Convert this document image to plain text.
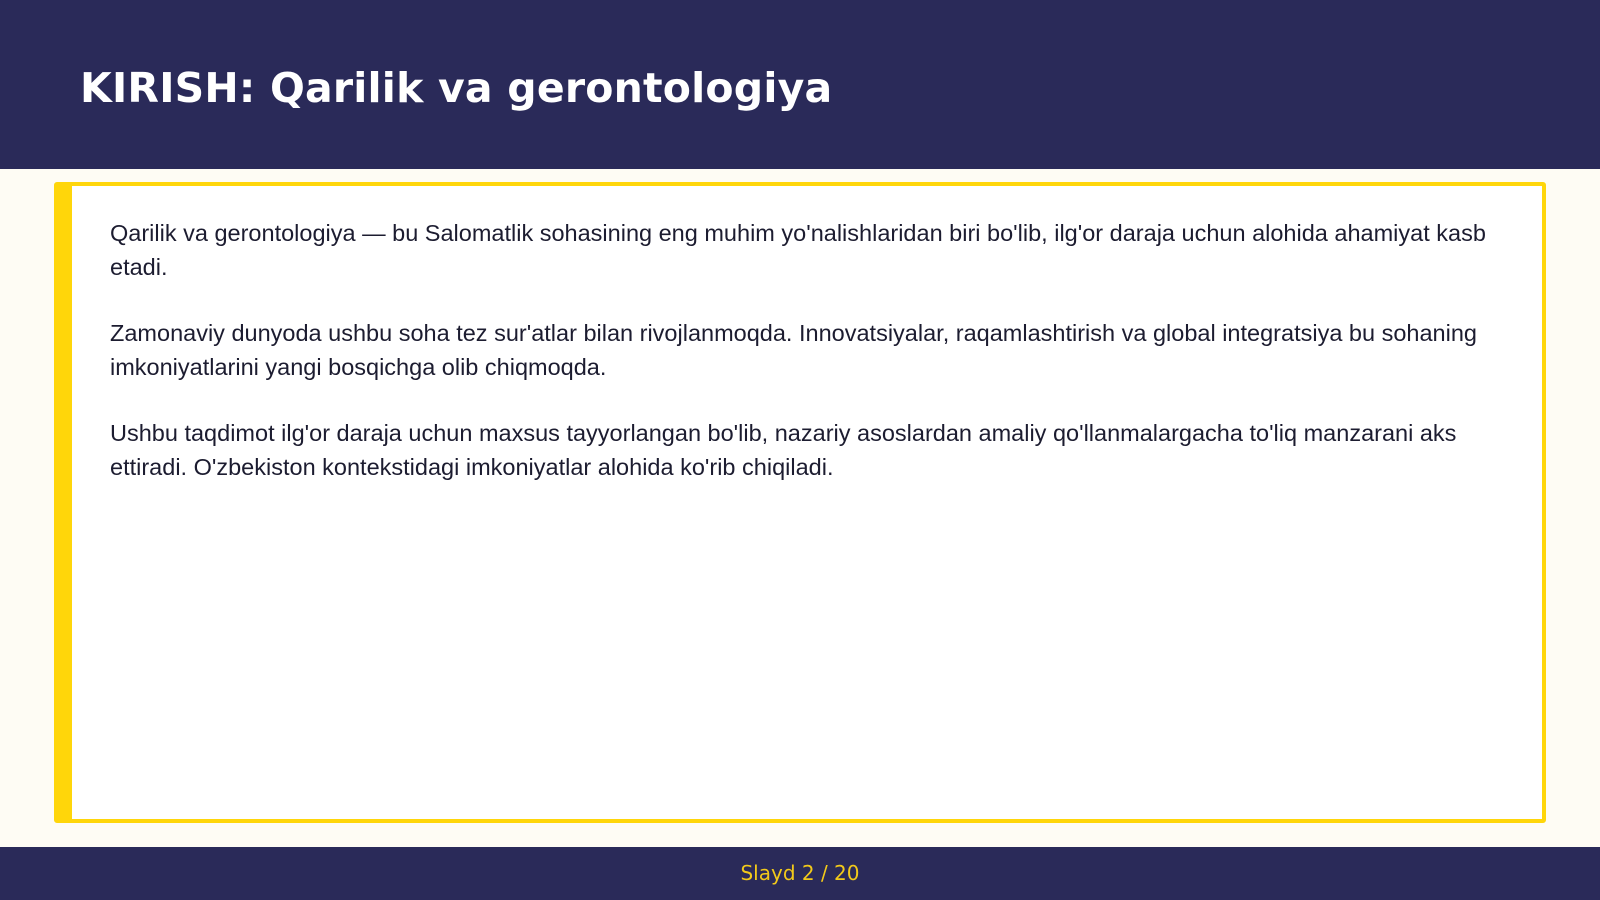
KIRISH: Qarilik va gerontologiya

Qarilik va gerontologiya — bu Salomatlik sohasining eng muhim yo'nalishlaridan biri bo'lib, ilg'or daraja uchun alohida ahamiyat kasb etadi.

Zamonaviy dunyoda ushbu soha tez sur'atlar bilan rivojlanmoqda. Innovatsiyalar, raqamlashtirish va global integratsiya bu sohaning imkoniyatlarini yangi bosqichga olib chiqmoqda.

Ushbu taqdimot ilg'or daraja uchun maxsus tayyorlangan bo'lib, nazariy asoslardan amaliy qo'llanmalargacha to'liq manzarani aks ettiradi. O'zbekiston kontekstidagi imkoniyatlar alohida ko'rib chiqiladi.

Slayd 2 / 20
